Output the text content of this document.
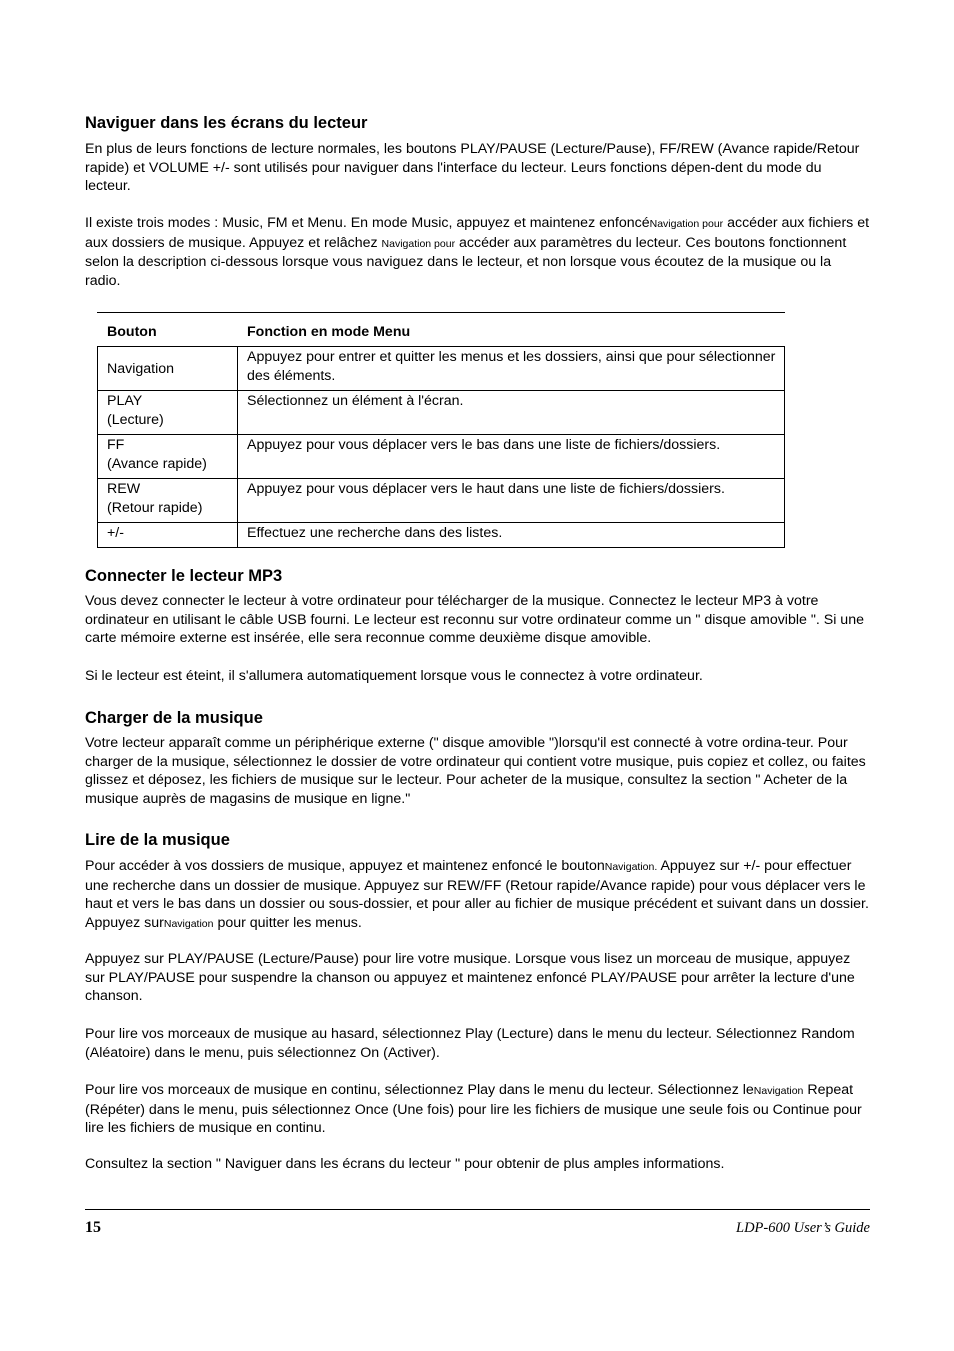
Naviguer dans les écrans du lecteur

En plus de leurs fonctions de lecture normales, les boutons PLAY/PAUSE (Lecture/Pause), FF/REW (Avance rapide/Retour rapide) et VOLUME +/- sont utilisés pour naviguer dans l'interface du lecteur. Leurs fonctions dépen-dent du mode du lecteur.

Il existe trois modes : Music, FM et Menu. En mode Music, appuyez et maintenez enfoncéNavigation pour accéder aux fichiers et aux dossiers de musique. Appuyez et relâchez Navigation pour accéder aux paramètres du lecteur. Ces boutons fonctionnent selon la description ci-dessous lorsque vous naviguez dans le lecteur, et non lorsque vous écoutez de la musique ou la radio.

Bouton	Fonction en mode Menu
Navigation	Appuyez pour entrer et quitter les menus et les dossiers, ainsi que pour sélectionner des éléments.
PLAY
(Lecture)	Sélectionnez un élément à l'écran.
FF
(Avance rapide)	Appuyez pour vous déplacer vers le bas dans une liste de fichiers/dossiers.
REW
(Retour rapide)	Appuyez pour vous déplacer vers le haut dans une liste de fichiers/dossiers.
+/-	Effectuez une recherche dans des listes.
Connecter le lecteur MP3

Vous devez connecter le lecteur à votre ordinateur pour télécharger de la musique. Connectez le lecteur MP3 à votre ordinateur en utilisant le câble USB fourni. Le lecteur est reconnu sur votre ordinateur comme un " disque amovible ". Si une carte mémoire externe est insérée, elle sera reconnue comme deuxième disque amovible.

Si le lecteur est éteint, il s'allumera automatiquement lorsque vous le connectez à votre ordinateur.

Charger de la musique

Votre lecteur apparaît comme un périphérique externe (" disque amovible ")lorsqu'il est connecté à votre ordina-teur. Pour charger de la musique, sélectionnez le dossier de votre ordinateur qui contient votre musique, puis copiez et collez, ou faites glissez et déposez, les fichiers de musique sur le lecteur. Pour acheter de la musique, consultez la section " Acheter de la musique auprès de magasins de musique en ligne."

Lire de la musique

Pour accéder à vos dossiers de musique, appuyez et maintenez enfoncé le boutonNavigation. Appuyez sur +/- pour effectuer une recherche dans un dossier de musique. Appuyez sur REW/FF (Retour rapide/Avance rapide) pour vous déplacer vers le haut et vers le bas dans un dossier ou sous-dossier, et pour aller au fichier de musique précédent et suivant dans un dossier. Appuyez surNavigation pour quitter les menus.

Appuyez sur PLAY/PAUSE (Lecture/Pause) pour lire votre musique. Lorsque vous lisez un morceau de musique, appuyez sur PLAY/PAUSE pour suspendre la chanson ou appuyez et maintenez enfoncé PLAY/PAUSE pour arrêter la lecture d'une chanson.

Pour lire vos morceaux de musique au hasard, sélectionnez Play (Lecture) dans le menu du lecteur. Sélectionnez Random (Aléatoire) dans le menu, puis sélectionnez On (Activer).

Pour lire vos morceaux de musique en continu, sélectionnez Play dans le menu du lecteur. Sélectionnez leNavigation Repeat (Répéter) dans le menu, puis sélectionnez Once (Une fois) pour lire les fichiers de musique une seule fois ou Continue pour lire les fichiers de musique en continu.

Consultez la section " Naviguer dans les écrans du lecteur " pour obtenir de plus amples informations.

15	LDP-600 User’s Guide
